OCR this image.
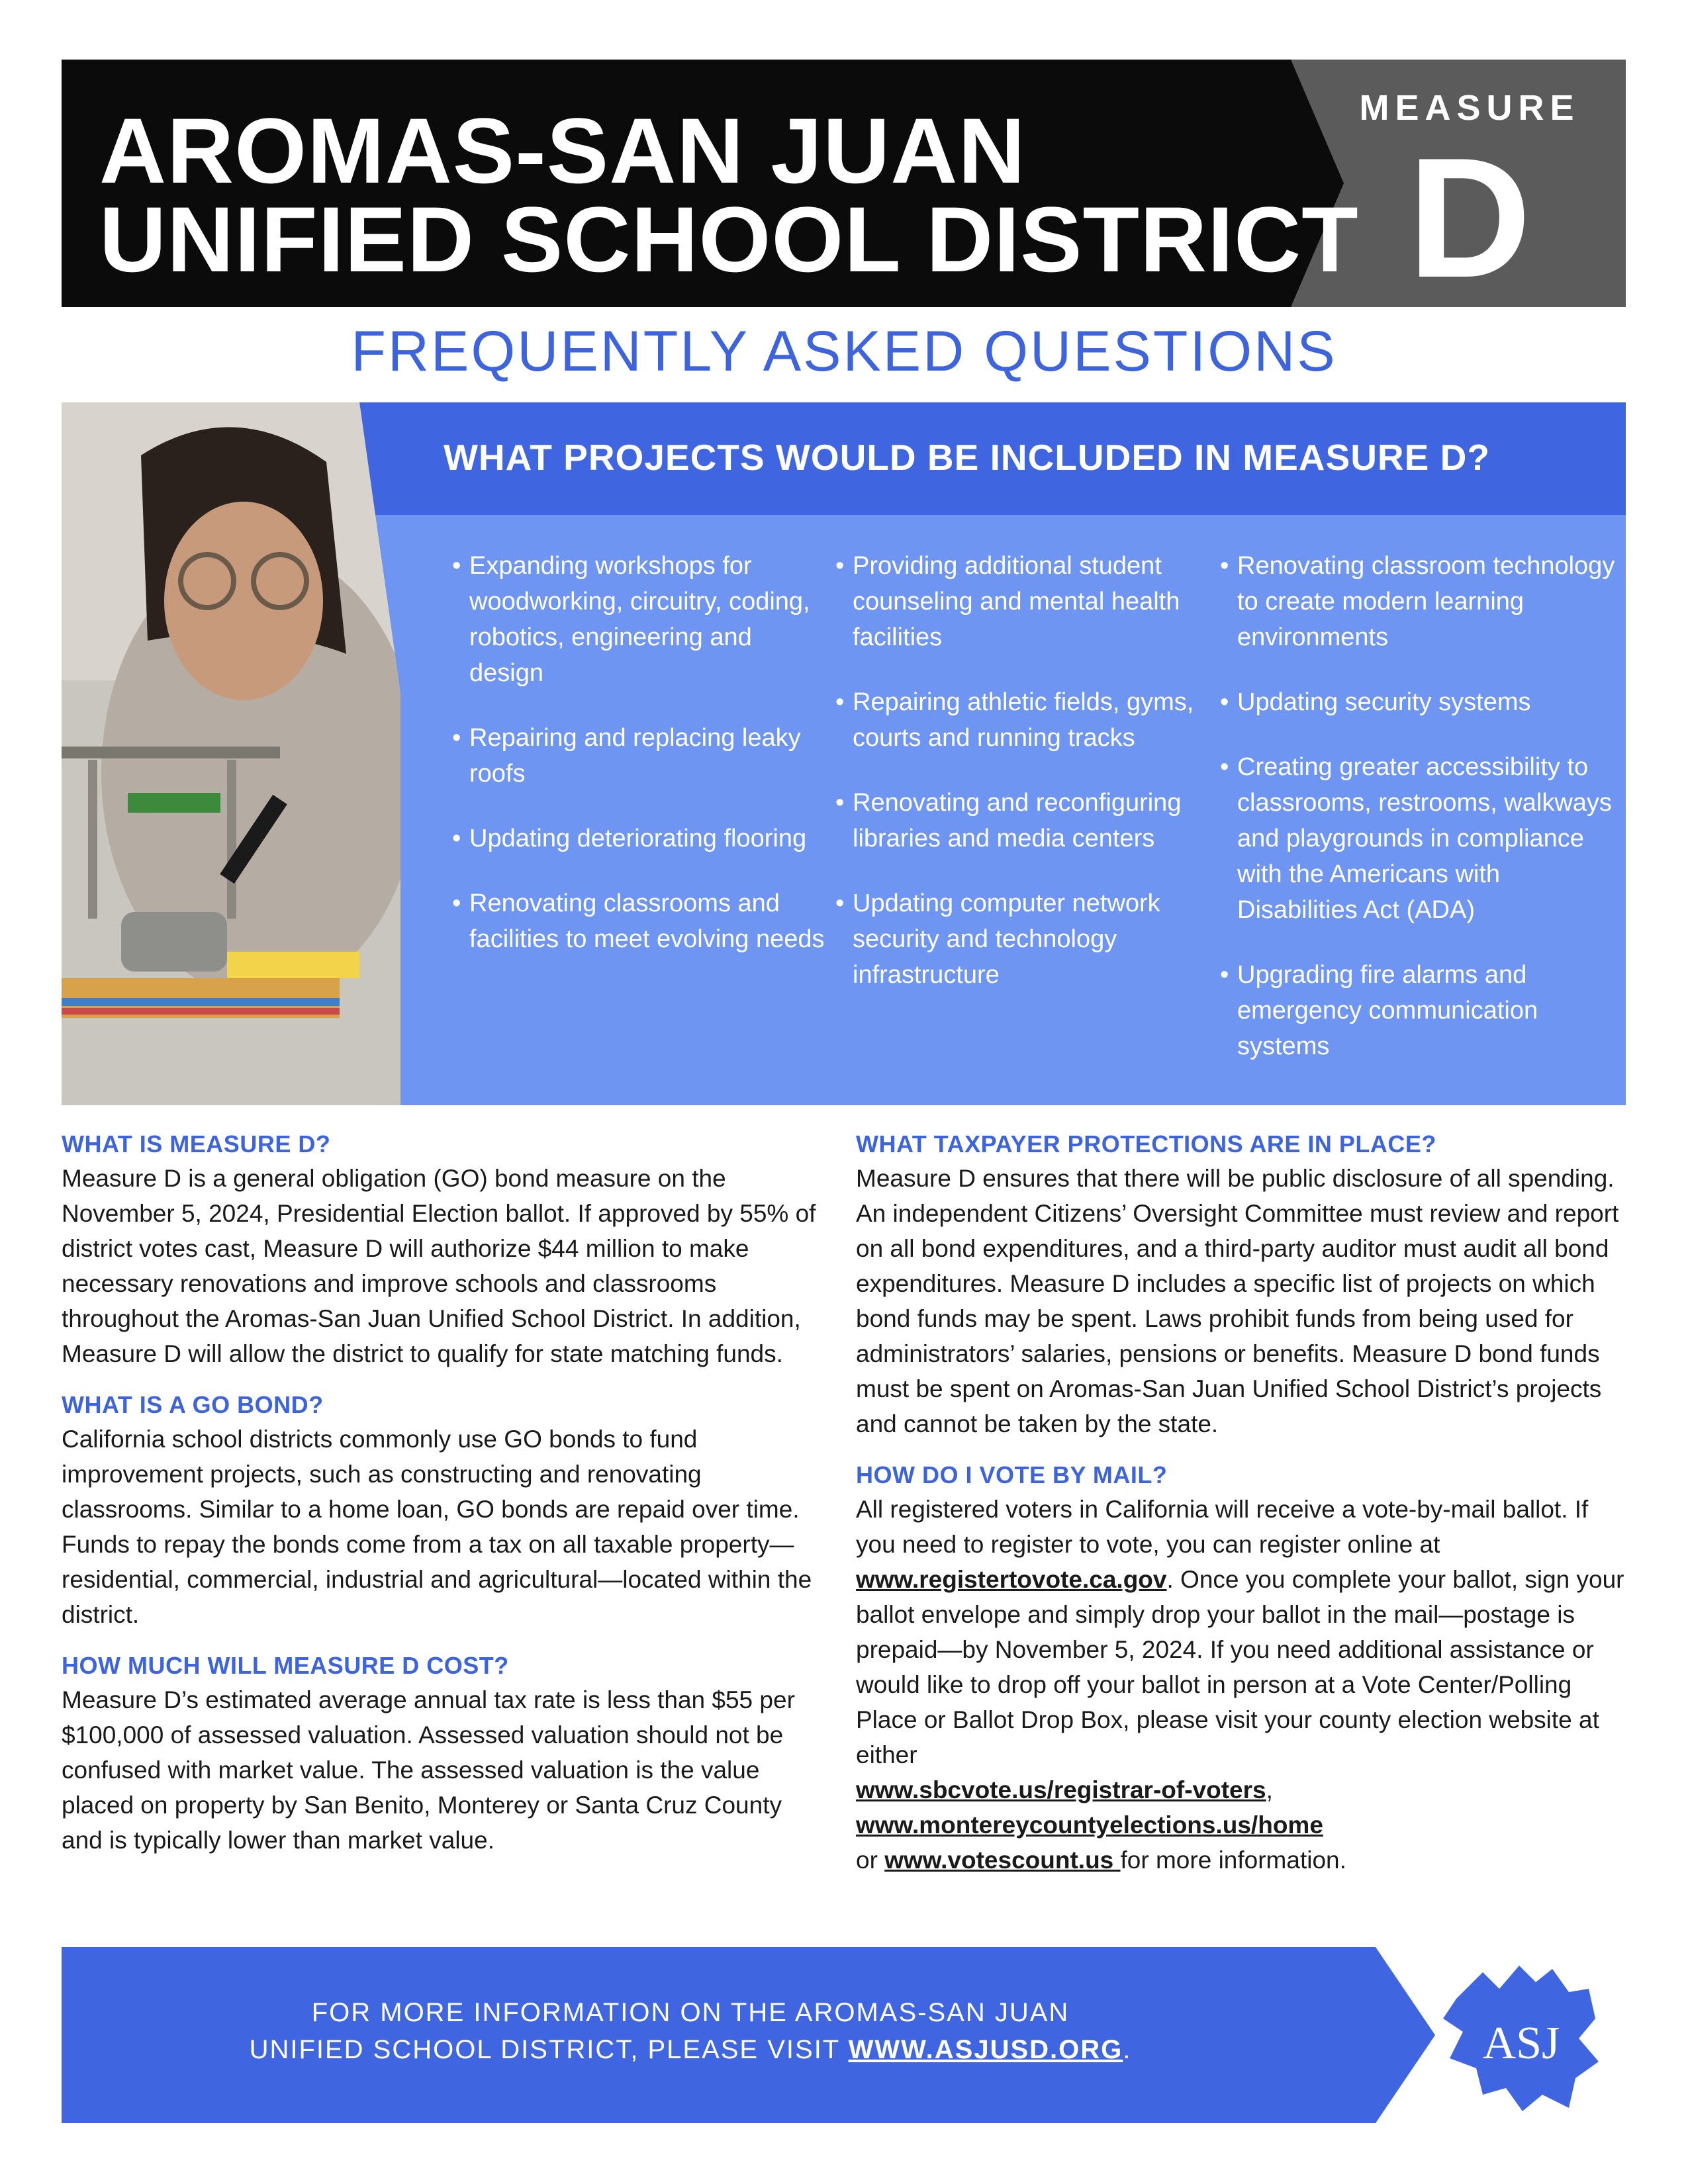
AROMAS-SAN JUAN
UNIFIED SCHOOL DISTRICT
MEASURE
D
FREQUENTLY ASKED QUESTIONS
WHAT PROJECTS WOULD BE INCLUDED IN MEASURE D?
• Expanding workshops for woodworking, circuitry, coding, robotics, engineering and design
• Repairing and replacing leaky roofs
• Updating deteriorating flooring
• Renovating classrooms and facilities to meet evolving needs
• Providing additional student counseling and mental health facilities
• Repairing athletic fields, gyms, courts and running tracks
• Renovating and reconfiguring libraries and media centers
• Updating computer network security and technology infrastructure
• Renovating classroom technology to create modern learning environments
• Updating security systems
• Creating greater accessibility to classrooms, restrooms, walkways and playgrounds in compliance with the Americans with Disabilities Act (ADA)
• Upgrading fire alarms and emergency communication systems

WHAT IS MEASURE D?

Measure D is a general obligation (GO) bond measure on the November 5, 2024, Presidential Election ballot. If approved by 55% of district votes cast, Measure D will authorize $44 million to make necessary renovations and improve schools and classrooms throughout the Aromas-San Juan Unified School District. In addition, Measure D will allow the district to qualify for state matching funds.

WHAT IS A GO BOND?

California school districts commonly use GO bonds to fund improvement projects, such as constructing and renovating classrooms. Similar to a home loan, GO bonds are repaid over time. Funds to repay the bonds come from a tax on all taxable property—residential, commercial, industrial and agricultural—located within the district.

HOW MUCH WILL MEASURE D COST?

Measure D’s estimated average annual tax rate is less than $55 per $100,000 of assessed valuation. Assessed valuation should not be confused with market value. The assessed valuation is the value placed on property by San Benito, Monterey or Santa Cruz County and is typically lower than market value.

WHAT TAXPAYER PROTECTIONS ARE IN PLACE?

Measure D ensures that there will be public disclosure of all spending. An independent Citizens’ Oversight Committee must review and report on all bond expenditures, and a third-party auditor must audit all bond expenditures. Measure D includes a specific list of projects on which bond funds may be spent. Laws prohibit funds from being used for administrators’ salaries, pensions or benefits. Measure D bond funds must be spent on Aromas-San Juan Unified School District’s projects and cannot be taken by the state.

HOW DO I VOTE BY MAIL?

All registered voters in California will receive a vote-by-mail ballot. If you need to register to vote, you can register online at www.registertovote.ca.gov. Once you complete your ballot, sign your ballot envelope and simply drop your ballot in the mail—postage is prepaid—by November 5, 2024. If you need additional assistance or would like to drop off your ballot in person at a Vote Center/Polling Place or Ballot Drop Box, please visit your county election website at either
www.sbcvote.us/registrar-of-voters,
www.montereycountyelections.us/home
or www.votescount.us for more information.

FOR MORE INFORMATION ON THE AROMAS-SAN JUAN
UNIFIED SCHOOL DISTRICT, PLEASE VISIT WWW.ASJUSD.ORG.	ASJ
